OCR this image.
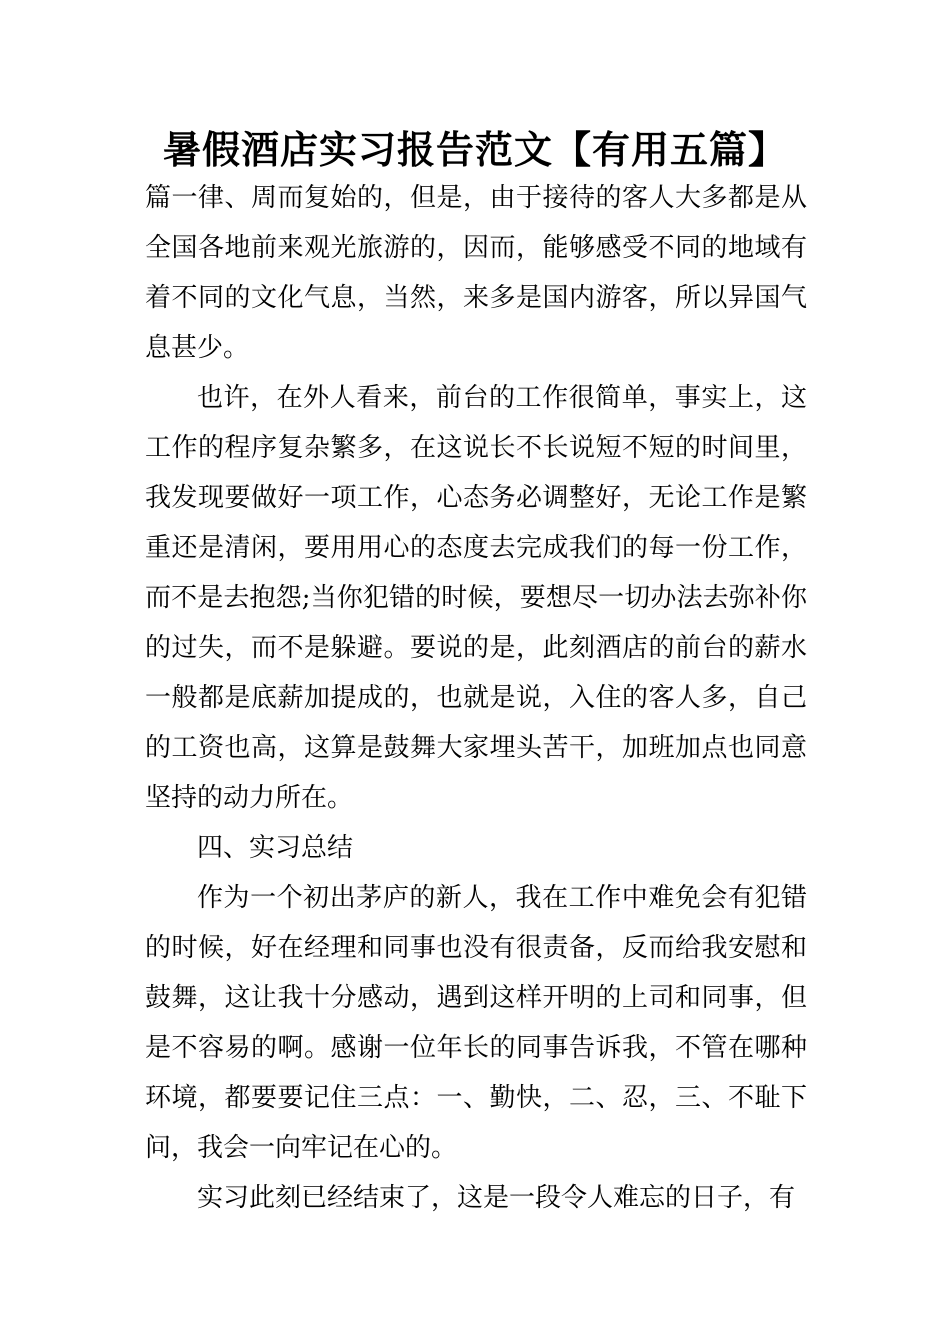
暑假酒店实习报告范文【有用五篇】

篇一律、周而复始的，但是，由于接待的客人大多都是从全国各地前来观光旅游的，因而，能够感受不同的地域有着不同的文化气息，当然，来多是国内游客，所以异国气息甚少。

也许，在外人看来，前台的工作很简单，事实上，这工作的程序复杂繁多，在这说长不长说短不短的时间里，我发现要做好一项工作，心态务必调整好，无论工作是繁重还是清闲，要用用心的态度去完成我们的每一份工作，而不是去抱怨;当你犯错的时候，要想尽一切办法去弥补你的过失，而不是躲避。要说的是，此刻酒店的前台的薪水一般都是底薪加提成的，也就是说，入住的客人多，自己的工资也高，这算是鼓舞大家埋头苦干，加班加点也同意坚持的动力所在。

四、实习总结

作为一个初出茅庐的新人，我在工作中难免会有犯错的时候，好在经理和同事也没有很责备，反而给我安慰和鼓舞，这让我十分感动，遇到这样开明的上司和同事，但是不容易的啊。感谢一位年长的同事告诉我，不管在哪种环境，都要要记住三点：一、勤快，二、忍，三、不耻下问，我会一向牢记在心的。

实习此刻已经结束了，这是一段令人难忘的日子，有
